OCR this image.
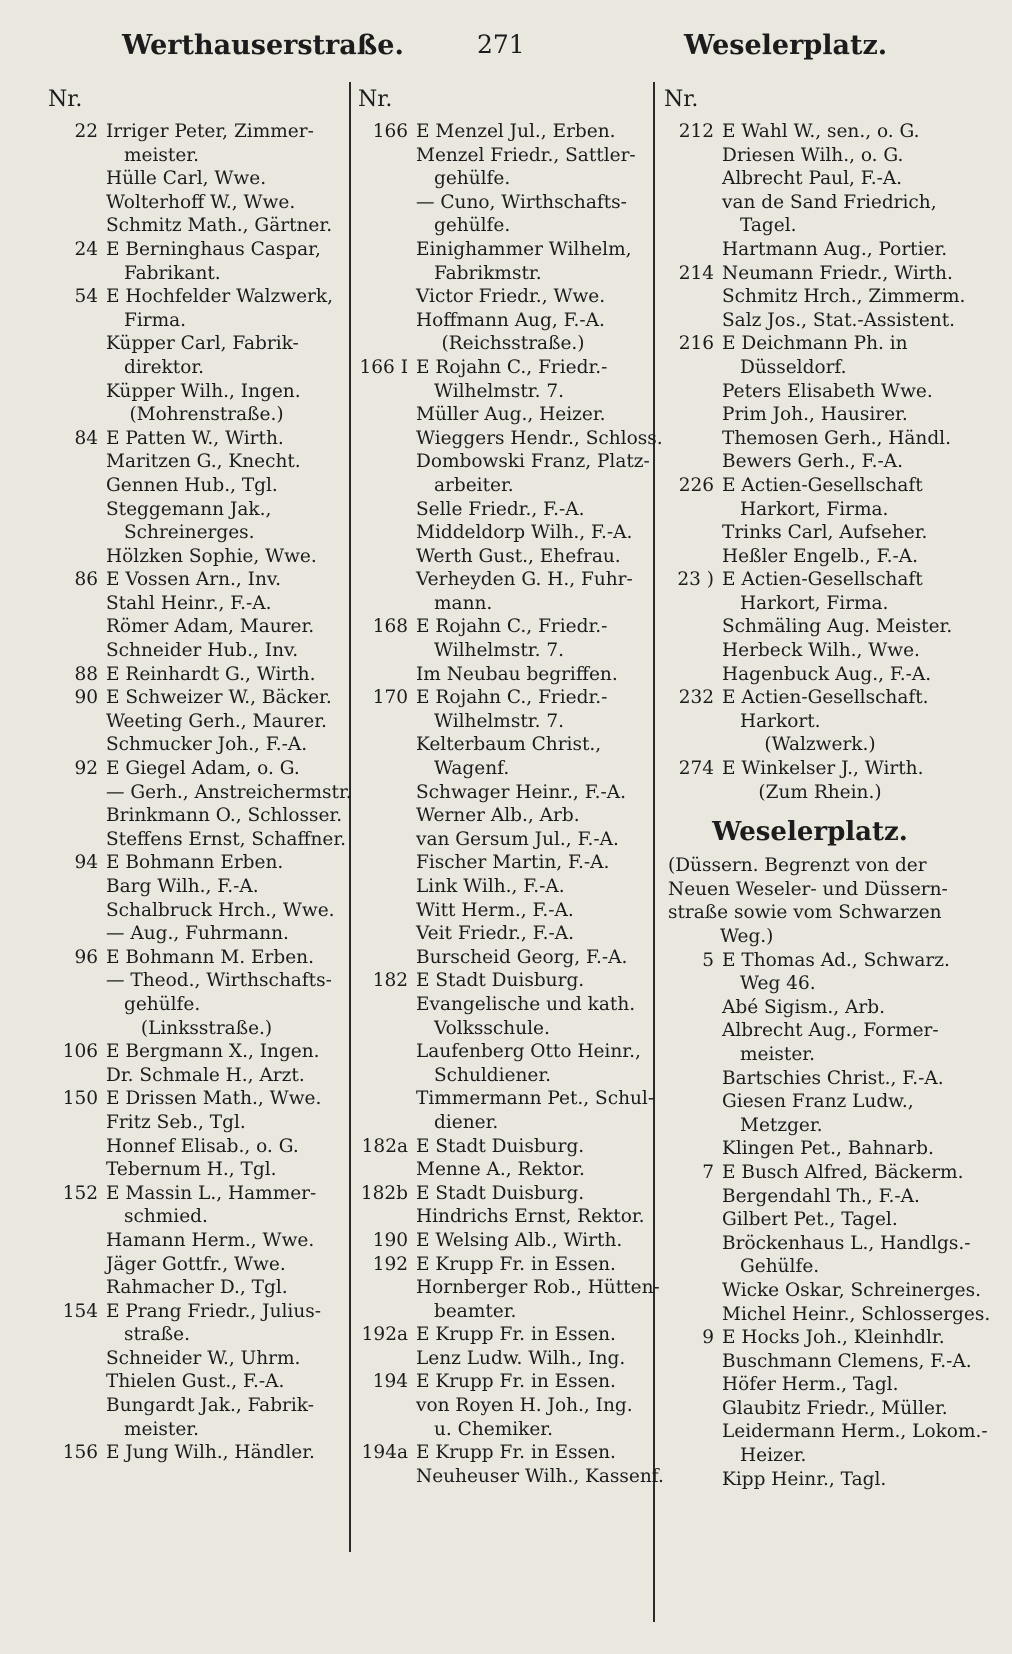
Werthauserstraße.	271	Weselerplatz.
Nr.
22 Irriger Peter, Zimmer-
meister.
Hülle Carl, Wwe.
Wolterhoff W., Wwe.
Schmitz Math., Gärtner.
24 E Berninghaus Caspar,
Fabrikant.
54 E Hochfelder Walzwerk,
Firma.
Küpper Carl, Fabrik-
direktor.
Küpper Wilh., Ingen.
(Mohrenstraße.)
84 E Patten W., Wirth.
Maritzen G., Knecht.
Gennen Hub., Tgl.
Steggemann Jak.,
Schreinerges.
Hölzken Sophie, Wwe.
86 E Vossen Arn., Inv.
Stahl Heinr., F.-A.
Römer Adam, Maurer.
Schneider Hub., Inv.
88 E Reinhardt G., Wirth.
90 E Schweizer W., Bäcker.
Weeting Gerh., Maurer.
Schmucker Joh., F.-A.
92 E Giegel Adam, o. G.
— Gerh., Anstreichermstr.
Brinkmann O., Schlosser.
Steffens Ernst, Schaffner.
94 E Bohmann Erben.
Barg Wilh., F.-A.
Schalbruck Hrch., Wwe.
— Aug., Fuhrmann.
96 E Bohmann M. Erben.
— Theod., Wirthschafts-
gehülfe.
(Linksstraße.)
106 E Bergmann X., Ingen.
Dr. Schmale H., Arzt.
150 E Drissen Math., Wwe.
Fritz Seb., Tgl.
Honnef Elisab., o. G.
Tebernum H., Tgl.
152 E Massin L., Hammer-
schmied.
Hamann Herm., Wwe.
Jäger Gottfr., Wwe.
Rahmacher D., Tgl.
154 E Prang Friedr., Julius-
straße.
Schneider W., Uhrm.
Thielen Gust., F.-A.
Bungardt Jak., Fabrik-
meister.
156 E Jung Wilh., Händler.
Nr.
166 E Menzel Jul., Erben.
Menzel Friedr., Sattler-
gehülfe.
— Cuno, Wirthschafts-
gehülfe.
Einighammer Wilhelm,
Fabrikmstr.
Victor Friedr., Wwe.
Hoffmann Aug, F.-A.
(Reichsstraße.)
166 I E Rojahn C., Friedr.-
Wilhelmstr. 7.
Müller Aug., Heizer.
Wieggers Hendr., Schloss.
Dombowski Franz, Platz-
arbeiter.
Selle Friedr., F.-A.
Middeldorp Wilh., F.-A.
Werth Gust., Ehefrau.
Verheyden G. H., Fuhr-
mann.
168 E Rojahn C., Friedr.-
Wilhelmstr. 7.
Im Neubau begriffen.
170 E Rojahn C., Friedr.-
Wilhelmstr. 7.
Kelterbaum Christ.,
Wagenf.
Schwager Heinr., F.-A.
Werner Alb., Arb.
van Gersum Jul., F.-A.
Fischer Martin, F.-A.
Link Wilh., F.-A.
Witt Herm., F.-A.
Veit Friedr., F.-A.
Burscheid Georg, F.-A.
182 E Stadt Duisburg.
Evangelische und kath.
Volksschule.
Laufenberg Otto Heinr.,
Schuldiener.
Timmermann Pet., Schul-
diener.
182a E Stadt Duisburg.
Menne A., Rektor.
182b E Stadt Duisburg.
Hindrichs Ernst, Rektor.
190 E Welsing Alb., Wirth.
192 E Krupp Fr. in Essen.
Hornberger Rob., Hütten-
beamter.
192a E Krupp Fr. in Essen.
Lenz Ludw. Wilh., Ing.
194 E Krupp Fr. in Essen.
von Royen H. Joh., Ing.
u. Chemiker.
194a E Krupp Fr. in Essen.
Neuheuser Wilh., Kassenf.
Nr.
212 E Wahl W., sen., o. G.
Driesen Wilh., o. G.
Albrecht Paul, F.-A.
van de Sand Friedrich,
Tagel.
Hartmann Aug., Portier.
214 Neumann Friedr., Wirth.
Schmitz Hrch., Zimmerm.
Salz Jos., Stat.-Assistent.
216 E Deichmann Ph. in
Düsseldorf.
Peters Elisabeth Wwe.
Prim Joh., Hausirer.
Themosen Gerh., Händl.
Bewers Gerh., F.-A.
226 E Actien-Gesellschaft
Harkort, Firma.
Trinks Carl, Aufseher.
Heßler Engelb., F.-A.
23 ) E Actien-Gesellschaft
Harkort, Firma.
Schmäling Aug. Meister.
Herbeck Wilh., Wwe.
Hagenbuck Aug., F.-A.
232 E Actien-Gesellschaft.
Harkort.
(Walzwerk.)
274 E Winkelser J., Wirth.
(Zum Rhein.)
Weselerplatz.
(Düssern. Begrenzt von der
Neuen Weseler- und Düssern-
straße sowie vom Schwarzen
Weg.)
5 E Thomas Ad., Schwarz.
Weg 46.
Abé Sigism., Arb.
Albrecht Aug., Former-
meister.
Bartschies Christ., F.-A.
Giesen Franz Ludw.,
Metzger.
Klingen Pet., Bahnarb.
7 E Busch Alfred, Bäckerm.
Bergendahl Th., F.-A.
Gilbert Pet., Tagel.
Bröckenhaus L., Handlgs.-
Gehülfe.
Wicke Oskar, Schreinerges.
Michel Heinr., Schlosserges.
9 E Hocks Joh., Kleinhdlr.
Buschmann Clemens, F.-A.
Höfer Herm., Tagl.
Glaubitz Friedr., Müller.
Leidermann Herm., Lokom.-
Heizer.
Kipp Heinr., Tagl.
